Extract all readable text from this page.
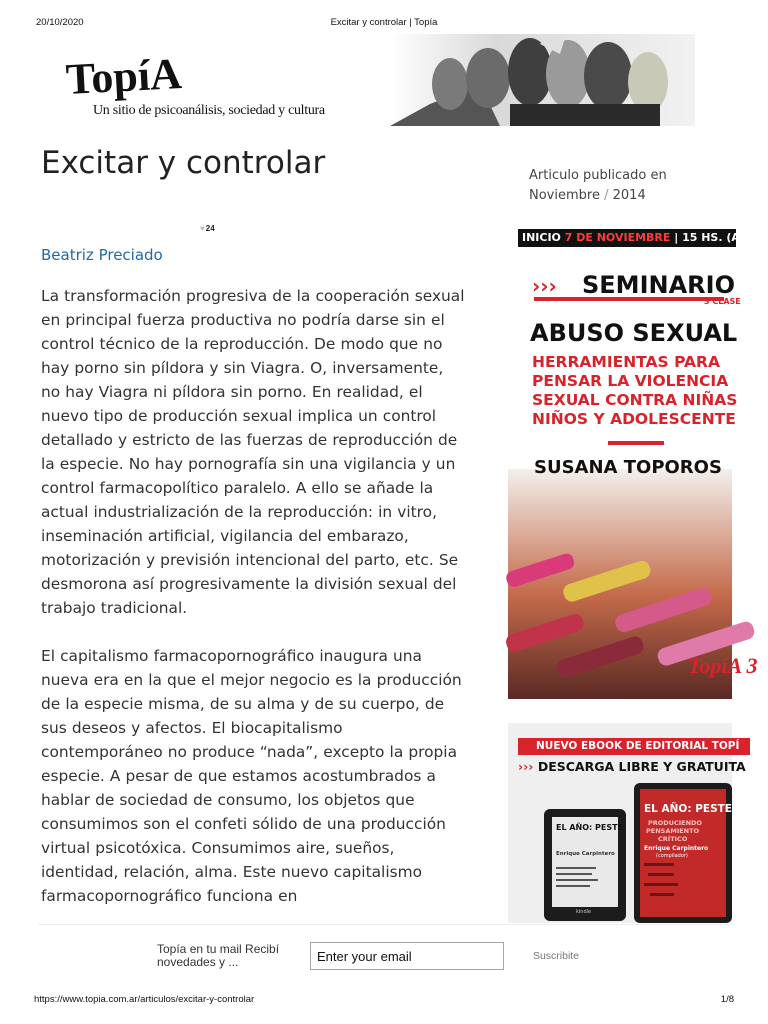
20/10/2020	Excitar y controlar | Topía
TopíA
Un sitio de psicoanálisis, sociedad y cultura
Excitar y controlar
♥24
Beatriz Preciado

La transformación progresiva de la cooperación sexual en principal fuerza productiva no podría darse sin el control técnico de la reproducción. De modo que no hay porno sin píldora y sin Viagra. O, inversamente, no hay Viagra ni píldora sin porno. En realidad, el nuevo tipo de producción sexual implica un control detallado y estricto de las fuerzas de reproducción de la especie. No hay pornografía sin una vigilancia y un control farmacopolítico paralelo. A ello se añade la actual industrialización de la reproducción: in vitro, inseminación artificial, vigilancia del embarazo, motorización y previsión intencional del parto, etc. Se desmorona así progresivamente la división sexual del trabajo tradicional.

El capitalismo farmacopornográfico inaugura una nueva era en la que el mejor negocio es la producción de la especie misma, de su alma y de su cuerpo, de sus deseos y afectos. El biocapitalismo contemporáneo no produce “nada”, excepto la propia especie. A pesar de que estamos acostumbrados a hablar de sociedad de consumo, los objetos que consumimos son el confeti sólido de una producción virtual psicotóxica. Consumimos aire, sueños, identidad, relación, alma. Este nuevo capitalismo farmacopornográfico funciona en

Articulo publicado en
Noviembre / 2014
INICIO 7 DE NOVIEMBRE | 15 HS. (A
››› SEMINARIO
3 CLASE
ABUSO SEXUAL
HERRAMIENTAS PARA
PENSAR LA VIOLENCIA
SEXUAL CONTRA NIÑAS
NIÑOS Y ADOLESCENTE
SUSANA TOPOROS
TopíA 3
NUEVO EBOOK DE EDITORIAL TOPÍ
››› DESCARGA LIBRE Y GRATUITA
EL AÑO: PESTE
Enrique Carpintero
kindle
EL AÑO: PESTE
PRODUCIENDO
PENSAMIENTO
CRÍTICO
Enrique Carpintero
(compilador)
Topía en tu mail Recibí novedades y ...
Enter your email	Suscribite
https://www.topia.com.ar/articulos/excitar-y-controlar	1/8
